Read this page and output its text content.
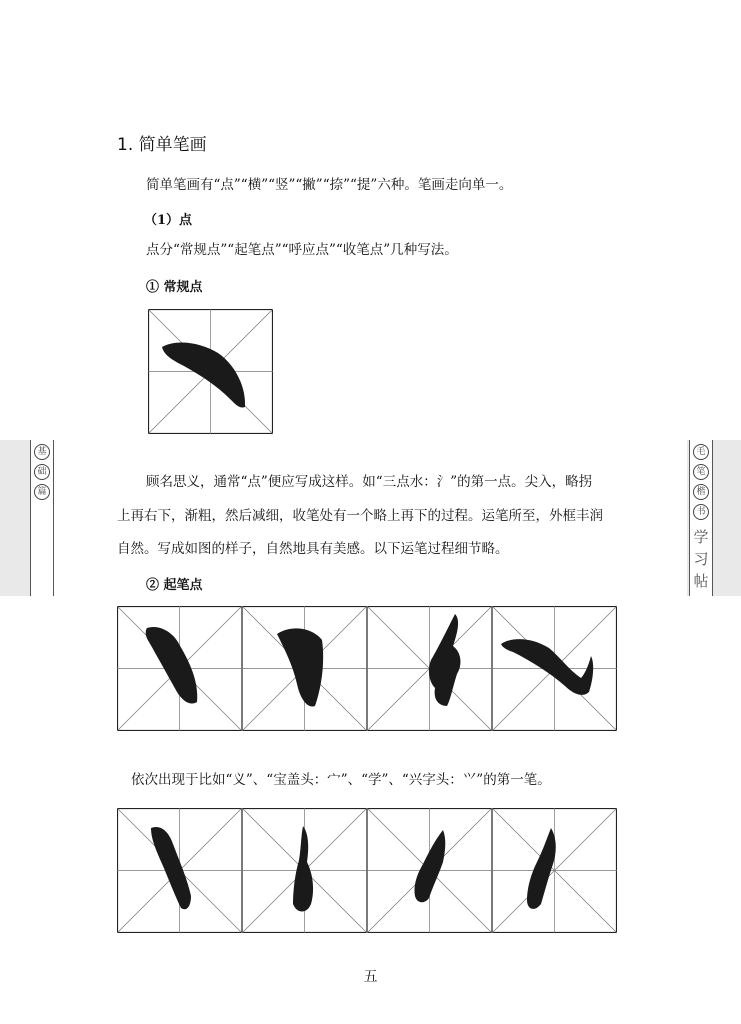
基
础
篇
毛
笔
楷
书
学
习
帖
1. 简单笔画
简单笔画有“点”“横”“竖”“撇”“捺”“提”六种。笔画走向单一。
（1）点
点分“常规点”“起笔点”“呼应点”“收笔点”几种写法。
① 常规点
顾名思义，通常“点”便应写成这样。如“三点水：氵”的第一点。尖入，略拐
上再右下，渐粗，然后减细，收笔处有一个略上再下的过程。运笔所至，外框丰润
自然。写成如图的样子，自然地具有美感。以下运笔过程细节略。
② 起笔点
依次出现于比如“义”、“宝盖头：宀”、“学”、“兴字头：⺍”的第一笔。
五
